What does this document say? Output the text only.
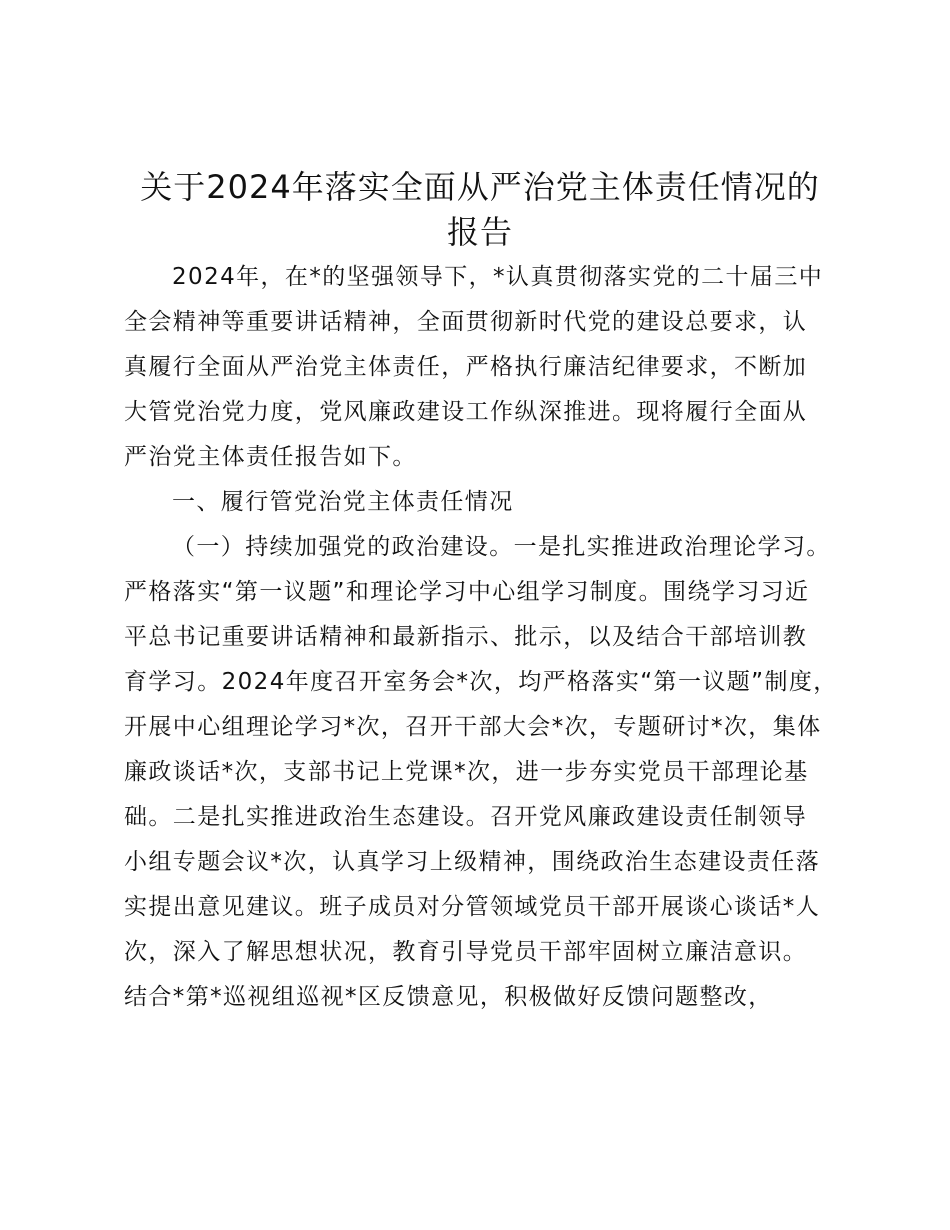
关于2024年落实全面从严治党主体责任情况的
报告
2024年，在*的坚强领导下，*认真贯彻落实党的二十届三中
全会精神等重要讲话精神，全面贯彻新时代党的建设总要求，认
真履行全面从严治党主体责任，严格执行廉洁纪律要求，不断加
大管党治党力度，党风廉政建设工作纵深推进。现将履行全面从
严治党主体责任报告如下。
一、履行管党治党主体责任情况
（一）持续加强党的政治建设。一是扎实推进政治理论学习。
严格落实“第一议题”和理论学习中心组学习制度。围绕学习习近
平总书记重要讲话精神和最新指示、批示，以及结合干部培训教
育学习。2024年度召开室务会*次，均严格落实“第一议题”制度，
开展中心组理论学习*次，召开干部大会*次，专题研讨*次，集体
廉政谈话*次，支部书记上党课*次，进一步夯实党员干部理论基
础。二是扎实推进政治生态建设。召开党风廉政建设责任制领导
小组专题会议*次，认真学习上级精神，围绕政治生态建设责任落
实提出意见建议。班子成员对分管领域党员干部开展谈心谈话*人
次，深入了解思想状况，教育引导党员干部牢固树立廉洁意识。
结合*第*巡视组巡视*区反馈意见，积极做好反馈问题整改，
